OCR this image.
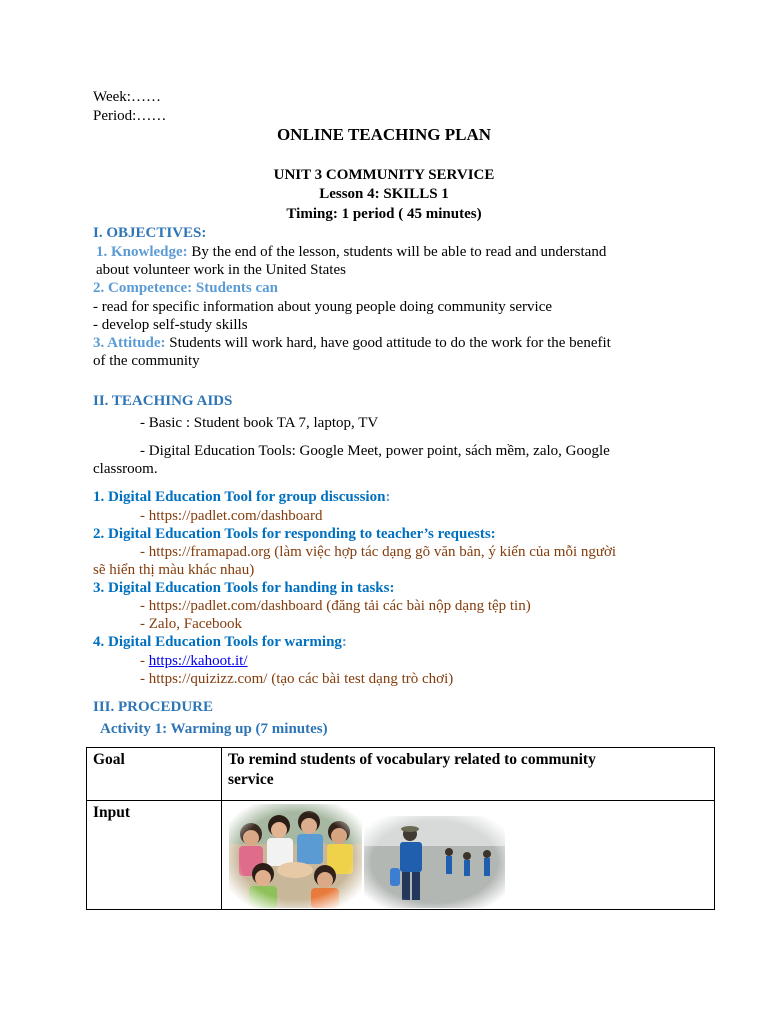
Week:……
Period:……
ONLINE TEACHING PLAN
UNIT 3 COMMUNITY SERVICE
Lesson 4: SKILLS 1
Timing: 1 period ( 45 minutes)
I. OBJECTIVES:
1. Knowledge: By the end of the lesson, students will be able to read and understand
about volunteer work in the United States
2. Competence: Students can
- read for specific information about young people doing community service
- develop self-study skills
3. Attitude: Students will work hard, have good attitude to do the work for the benefit
of the community
II. TEACHING AIDS
- Basic : Student book TA 7, laptop, TV
- Digital Education Tools: Google Meet, power point, sách mềm, zalo, Google
classroom.
1. Digital Education Tool for group discussion:
- https://padlet.com/dashboard
2. Digital Education Tools for responding to teacher’s requests:
- https://framapad.org (làm việc hợp tác dạng gõ văn bản, ý kiến của mỗi người
sẽ hiển thị màu khác nhau)
3. Digital Education Tools for handing in tasks:
- https://padlet.com/dashboard (đăng tải các bài nộp dạng tệp tin)
- Zalo, Facebook
4. Digital Education Tools for warming:
- https://kahoot.it/
- https://quizizz.com/ (tạo các bài test dạng trò chơi)
III. PROCEDURE
Activity 1: Warming up (7 minutes)
Goal	To remind students of vocabulary related to community
service

Input	
